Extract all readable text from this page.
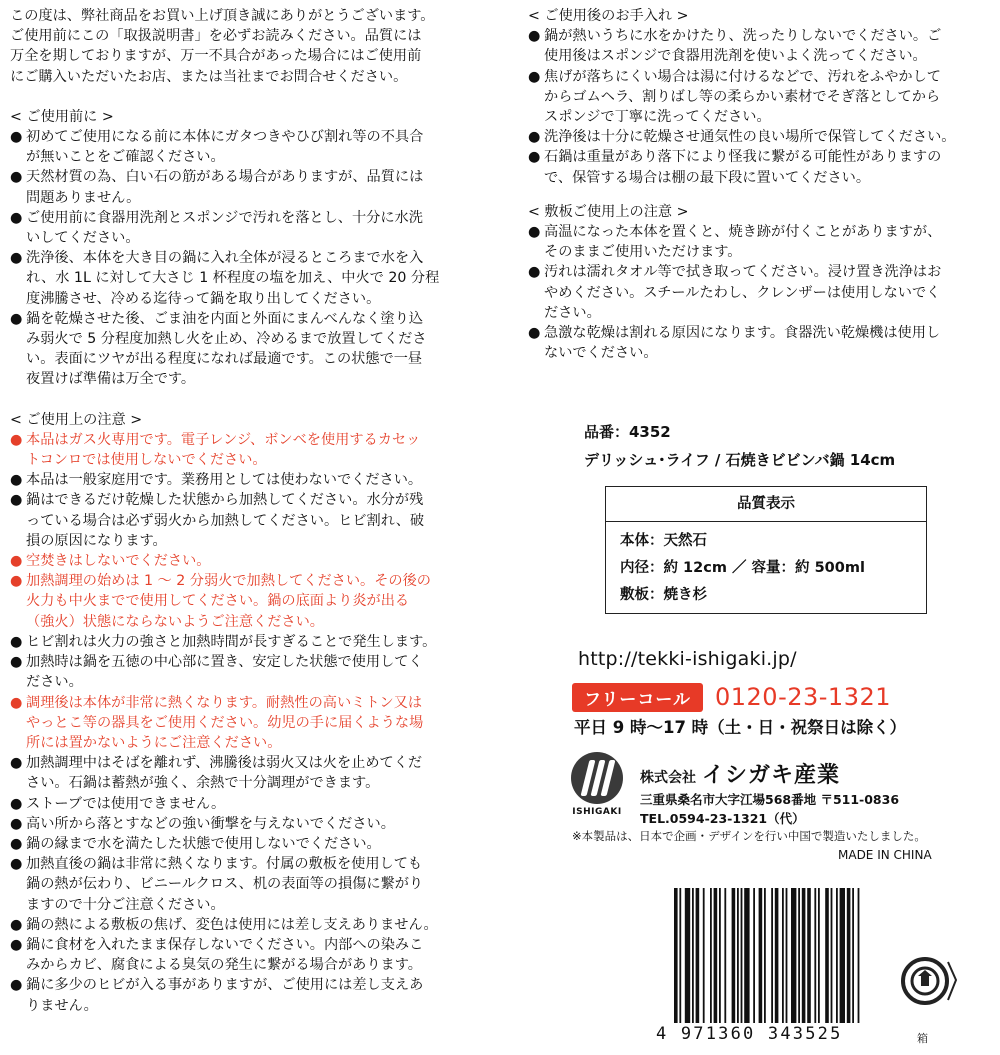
この度は、弊社商品をお買い上げ頂き誠にありがとうございます。

ご使用前にこの「取扱説明書」を必ずお読みください。品質には

万全を期しておりますが、万一不具合があった場合にはご使用前

にご購入いただいたお店、または当社までお問合せください。

< ご使用前に >

● 初めてご使用になる前に本体にガタつきやひび割れ等の不具合
が無いことをご確認ください。
● 天然材質の為、白い石の筋がある場合がありますが、品質には
問題ありません。
● ご使用前に食器用洗剤とスポンジで汚れを落とし、十分に水洗
いしてください。
● 洗浄後、本体を大き目の鍋に入れ全体が浸るところまで水を入
れ、水 1L に対して大さじ 1 杯程度の塩を加え、中火で 20 分程
度沸騰させ、冷める迄待って鍋を取り出してください。
● 鍋を乾燥させた後、ごま油を内面と外面にまんべんなく塗り込
み弱火で 5 分程度加熱し火を止め、冷めるまで放置してくださ
い。表面にツヤが出る程度になれば最適です。この状態で一昼
夜置けば準備は万全です。

< ご使用上の注意 >

● 本品はガス火専用です。電子レンジ、ボンベを使用するカセッ
トコンロでは使用しないでください。
● 本品は一般家庭用です。業務用としては使わないでください。
● 鍋はできるだけ乾燥した状態から加熱してください。水分が残
っている場合は必ず弱火から加熱してください。ヒビ割れ、破
損の原因になります。
● 空焚きはしないでください。
● 加熱調理の始めは 1 ～ 2 分弱火で加熱してください。その後の
火力も中火までで使用してください。鍋の底面より炎が出る
（強火）状態にならないようご注意ください。
● ヒビ割れは火力の強さと加熱時間が長すぎることで発生します。
● 加熱時は鍋を五徳の中心部に置き、安定した状態で使用してく
ださい。
● 調理後は本体が非常に熱くなります。耐熱性の高いミトン又は
やっとこ等の器具をご使用ください。幼児の手に届くような場
所には置かないようにご注意ください。
● 加熱調理中はそばを離れず、沸騰後は弱火又は火を止めてくだ
さい。石鍋は蓄熱が強く、余熱で十分調理ができます。
● ストーブでは使用できません。
● 高い所から落とすなどの強い衝撃を与えないでください。
● 鍋の縁まで水を満たした状態で使用しないでください。
● 加熱直後の鍋は非常に熱くなります。付属の敷板を使用しても
鍋の熱が伝わり、ビニールクロス、机の表面等の損傷に繋がり
ますので十分ご注意ください。
● 鍋の熱による敷板の焦げ、変色は使用には差し支えありません。
● 鍋に食材を入れたまま保存しないでください。内部への染みこ
みからカビ、腐食による臭気の発生に繋がる場合があります。
● 鍋に多少のヒビが入る事がありますが、ご使用には差し支えあ
りません。

< ご使用後のお手入れ >

● 鍋が熱いうちに水をかけたり、洗ったりしないでください。ご
使用後はスポンジで食器用洗剤を使いよく洗ってください。
● 焦げが落ちにくい場合は湯に付けるなどで、汚れをふやかして
からゴムヘラ、割りばし等の柔らかい素材でそぎ落としてから
スポンジで丁寧に洗ってください。
● 洗浄後は十分に乾燥させ通気性の良い場所で保管してください。
● 石鍋は重量があり落下により怪我に繋がる可能性がありますの
で、保管する場合は棚の最下段に置いてください。

< 敷板ご使用上の注意 >

● 高温になった本体を置くと、焼き跡が付くことがありますが、
そのままご使用いただけます。
● 汚れは濡れタオル等で拭き取ってください。浸け置き洗浄はお
やめください。スチールたわし、クレンザーは使用しないでく
ださい。
● 急激な乾燥は割れる原因になります。食器洗い乾燥機は使用し
ないでください。

品番：4352

デリッシュ･ライフ / 石焼きビビンバ鍋 14cm

品質表示

本体：天然石

内径：約 12cm ／ 容量：約 500ml

敷板：焼き杉

http://tekki-ishigaki.jp/
フリーコール	0120-23-1321
平日 9 時～17 時（土・日・祝祭日は除く）
ISHIGAKI
株式会社 イシガキ産業
三重県桑名市大字江場568番地 〒511-0836
TEL.0594-23-1321（代）
※本製品は、日本で企画・デザインを行い中国で製造いたしました。
MADE IN CHINA
4 971360 343525	箱
